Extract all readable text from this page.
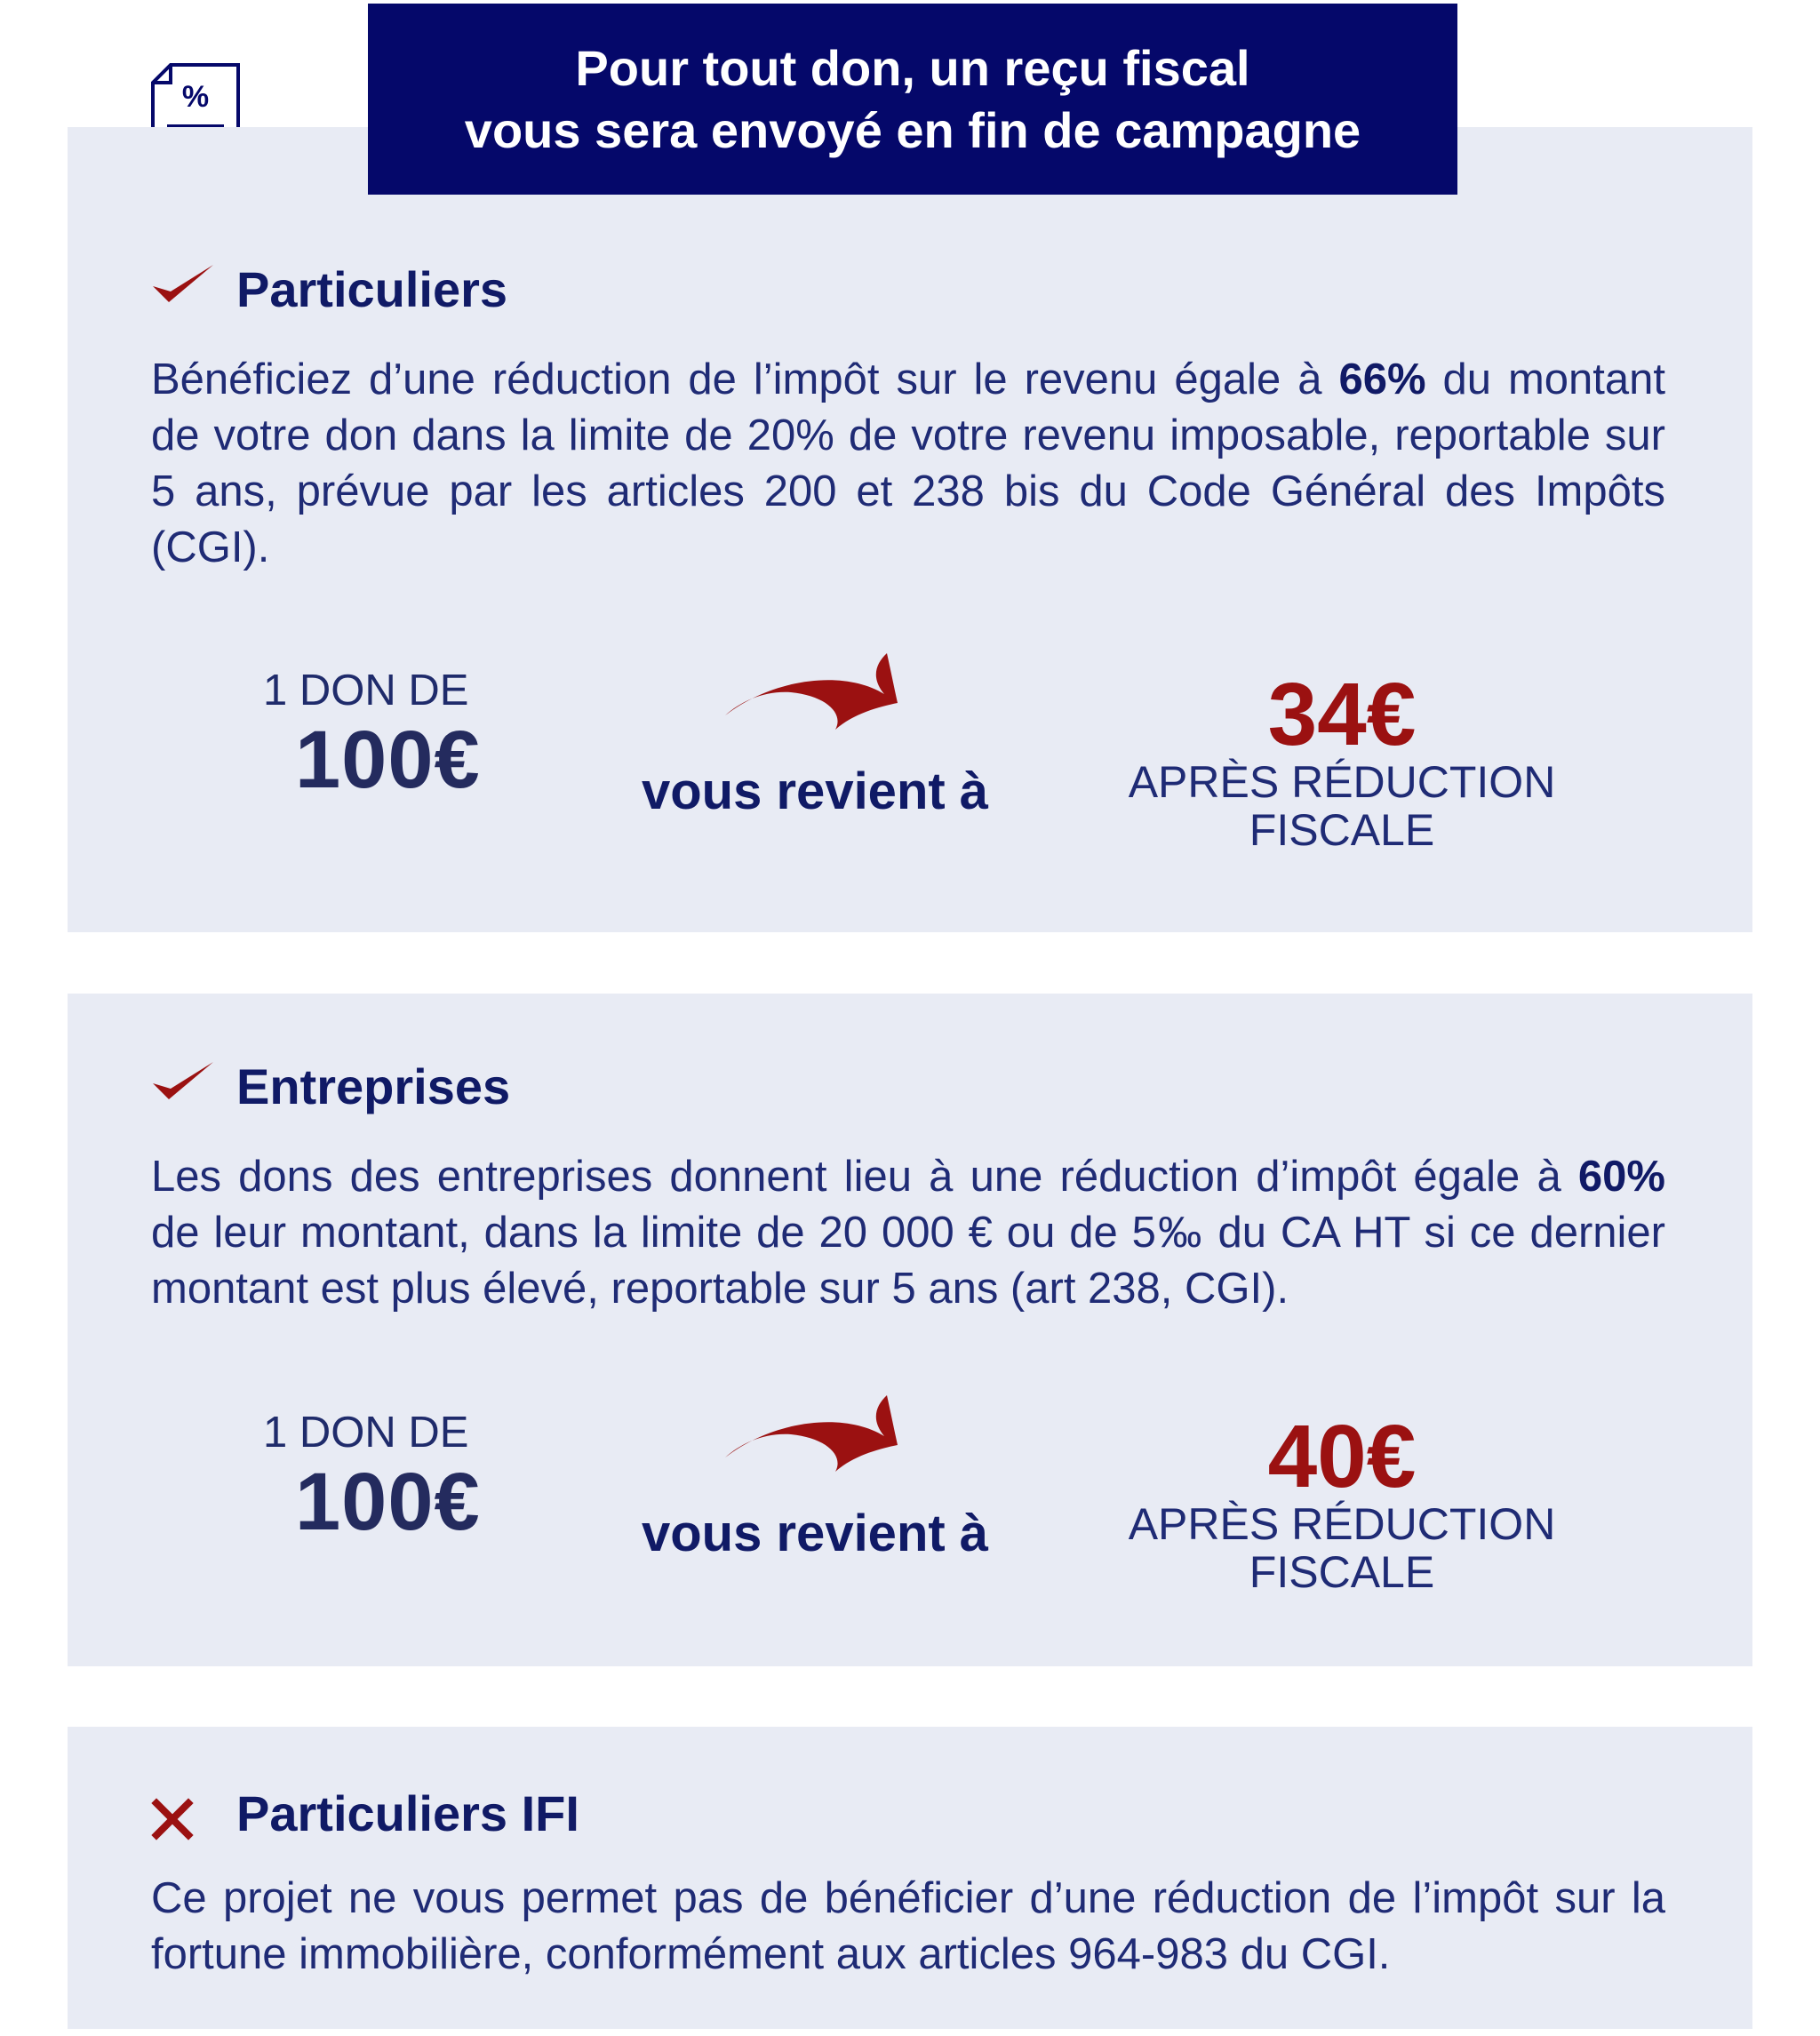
%
Pour tout don, un reçu fiscal
vous sera envoyé en fin de campagne
Particuliers
Bénéficiez d’une réduction de l’impôt sur le revenu égale à 66% du montant de votre don dans la limite de 20% de votre revenu imposable, reportable sur 5 ans, prévue par les articles 200 et 238 bis du Code Général des Impôts (CGI).
1 DON DE
100€	vous revient à
34€
APRÈS RÉDUCTION
FISCALE
Entreprises
Les dons des entreprises donnent lieu à une réduction d’impôt égale à 60% de leur montant, dans la limite de 20 000 € ou de 5‰ du CA HT si ce dernier montant est plus élevé, reportable sur 5 ans (art 238, CGI).
1 DON DE
100€	vous revient à
40€
APRÈS RÉDUCTION
FISCALE
Particuliers IFI
Ce projet ne vous permet pas de bénéficier d’une réduction de l’impôt sur la fortune immobilière, conformément aux articles 964-983 du CGI.
